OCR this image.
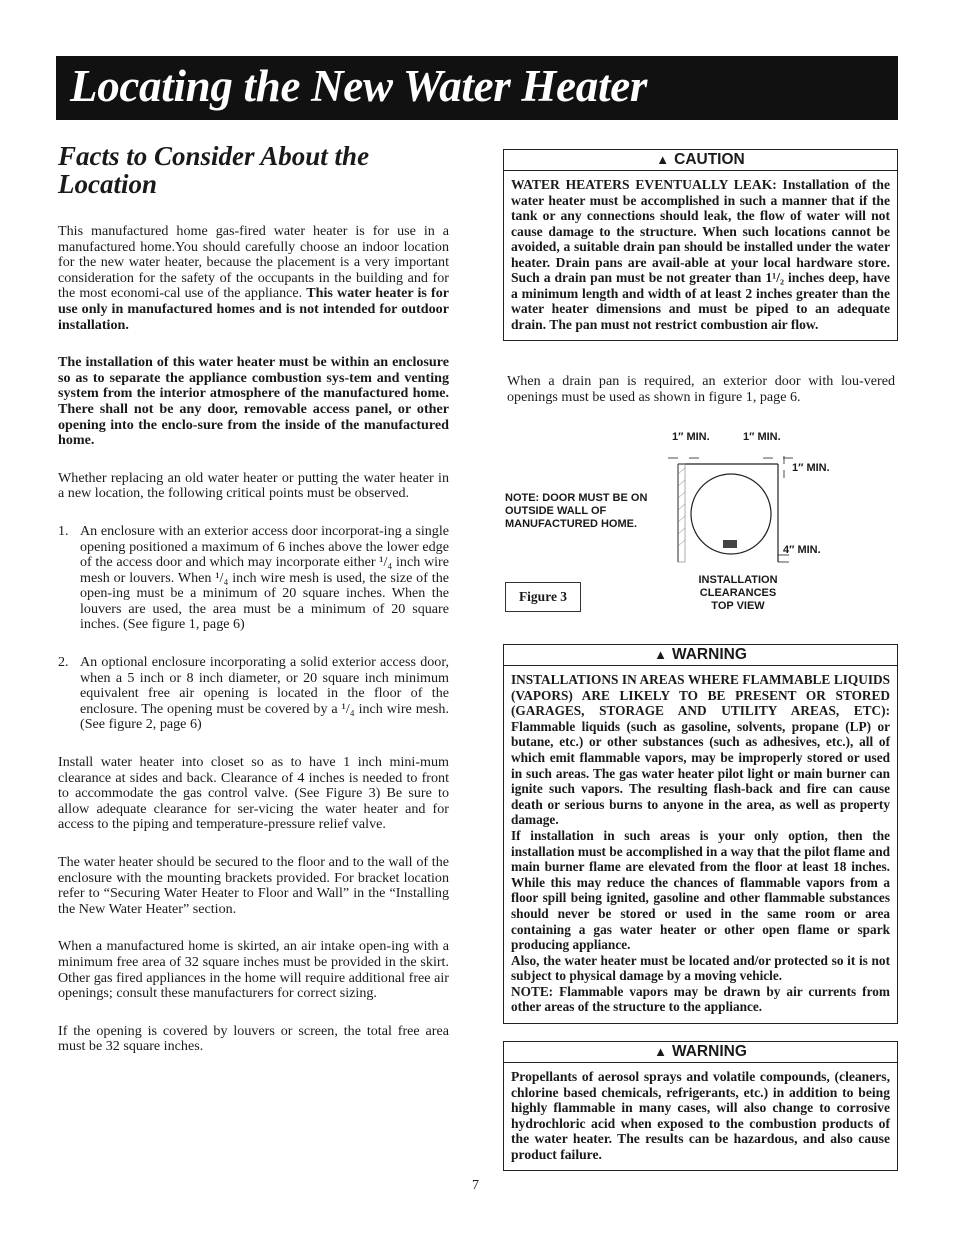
Locating the New Water Heater
Facts to Consider About the Location

This manufactured home gas-fired water heater is for use in a manufactured home.You should carefully choose an indoor location for the new water heater, because the placement is a very important consideration for the safety of the occupants in the building and for the most economi-cal use of the appliance. This water heater is for use only in manufactured homes and is not intended for outdoor installation.

The installation of this water heater must be within an enclosure so as to separate the appliance combustion sys-tem and venting system from the interior atmosphere of the manufactured home. There shall not be any door, removable access panel, or other opening into the enclo-sure from the inside of the manufactured home.

Whether replacing an old water heater or putting the water heater in a new location, the following critical points must be observed.

1. An enclosure with an exterior access door incorporat-ing a single opening positioned a maximum of 6 inches above the lower edge of the access door and which may incorporate either ¹/₄ inch wire mesh or louvers. When ¹/₄ inch wire mesh is used, the size of the open-ing must be a minimum of 20 square inches. When the louvers are used, the area must be a minimum of 20 square inches. (See figure 1, page 6)
2. An optional enclosure incorporating a solid exterior access door, when a 5 inch or 8 inch diameter, or 20 square inch minimum equivalent free air opening is located in the floor of the enclosure. The opening must be covered by a ¹/₄ inch wire mesh. (See figure 2, page 6)

Install water heater into closet so as to have 1 inch mini-mum clearance at sides and back. Clearance of 4 inches is needed to front to accommodate the gas control valve. (See Figure 3) Be sure to allow adequate clearance for ser-vicing the water heater and for access to the piping and temperature-pressure relief valve.

The water heater should be secured to the floor and to the wall of the enclosure with the mounting brackets provided. For bracket location refer to “Securing Water Heater to Floor and Wall” in the “Installing the New Water Heater” section.

When a manufactured home is skirted, an air intake open-ing with a minimum free area of 32 square inches must be provided in the skirt. Other gas fired appliances in the home will require additional free air openings; consult these manufacturers for correct sizing.

If the opening is covered by louvers or screen, the total free area must be 32 square inches.

▲ CAUTION
WATER HEATERS EVENTUALLY LEAK: Installation of the water heater must be accomplished in such a manner that if the tank or any connections should leak, the flow of water will not cause damage to the structure. When such locations cannot be avoided, a suitable drain pan should be installed under the water heater. Drain pans are avail-able at your local hardware store. Such a drain pan must be not greater than 1¹/₂ inches deep, have a minimum length and width of at least 2 inches greater than the water heater dimensions and must be piped to an adequate drain. The pan must not restrict combustion air flow.
When a drain pan is required, an exterior door with lou-vered openings must be used as shown in figure 1, page 6.
NOTE: DOOR MUST BE ON OUTSIDE WALL OF MANUFACTURED HOME.
1″ MIN.	1″ MIN.
1″ MIN.
4″ MIN.
INSTALLATION
CLEARANCES
TOP VIEW
Figure 3
▲ WARNING
INSTALLATIONS IN AREAS WHERE FLAMMABLE LIQUIDS (VAPORS) ARE LIKELY TO BE PRESENT OR STORED (GARAGES, STORAGE AND UTILITY AREAS, ETC): Flammable liquids (such as gasoline, solvents, propane (LP) or butane, etc.) or other substances (such as adhesives, etc.), all of which emit flammable vapors, may be improperly stored or used in such areas. The gas water heater pilot light or main burner can ignite such vapors. The resulting flash-back and fire can cause death or serious burns to anyone in the area, as well as property damage.
If installation in such areas is your only option, then the installation must be accomplished in a way that the pilot flame and main burner flame are elevated from the floor at least 18 inches. While this may reduce the chances of flammable vapors from a floor spill being ignited, gasoline and other flammable substances should never be stored or used in the same room or area containing a gas water heater or other open flame or spark producing appliance.
Also, the water heater must be located and/or protected so it is not subject to physical damage by a moving vehicle.
NOTE: Flammable vapors may be drawn by air currents from other areas of the structure to the appliance.
▲ WARNING
Propellants of aerosol sprays and volatile compounds, (cleaners, chlorine based chemicals, refrigerants, etc.) in addition to being highly flammable in many cases, will also change to corrosive hydrochloric acid when exposed to the combustion products of the water heater. The results can be hazardous, and also cause product failure.
7
